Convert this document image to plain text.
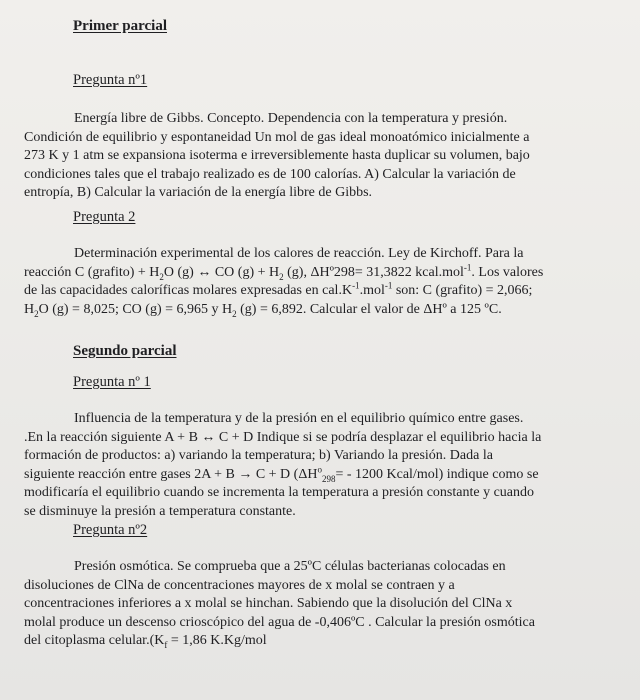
Primer parcial
Pregunta nº1

Energía libre de Gibbs. Concepto. Dependencia con la temperatura y presión. Condición de equilibrio y espontaneidad Un mol de gas ideal monoatómico inicialmente a 273 K y 1 atm se expansiona isoterma e irreversiblemente hasta duplicar su volumen, bajo condiciones tales que el trabajo realizado es de 100 calorías. A) Calcular la variación de entropía, B) Calcular la variación de la energía libre de Gibbs.

Pregunta 2

Determinación experimental de los calores de reacción. Ley de Kirchoff. Para la reacción C (grafito) + $H_2O$ (g) ↔ CO $(g) + H_2$ (g), ΔHº298= 31,3822 kcal.mol$^{-1}$. Los valores de las capacidades caloríficas molares expresadas en $cal.K^{-1}.mol^{-1}$ son: C (grafito) = 2,066; $H_2O$ (g) = 8,025; CO (g) = 6,965 y $H_2$ (g) = 6,892. Calcular el valor de ΔHº a 125 ºC.

Segundo parcial
Pregunta nº 1

Influencia de la temperatura y de la presión en el equilibrio químico entre gases. .En la reacción siguiente A + B ↔ C + D Indique si se podría desplazar el equilibrio hacia la formación de productos: a) variando la temperatura; b) Variando la presión. Dada la siguiente reacción entre gases 2A + B → C + D ($\Delta H^o_{298}= - 1200$ Kcal/mol) indique como se modificaría el equilibrio cuando se incrementa la temperatura a presión constante y cuando se disminuye la presión a temperatura constante.

Pregunta nº2

Presión osmótica. Se comprueba que a 25ºC células bacterianas colocadas en disoluciones de ClNa de concentraciones mayores de x molal se contraen y a concentraciones inferiores a x molal se hinchan. Sabiendo que la disolución del ClNa x molal produce un descenso crioscópico del agua de -0,406ºC . Calcular la presión osmótica del citoplasma $celular.(K_f = 1,86$ K.Kg/mol
